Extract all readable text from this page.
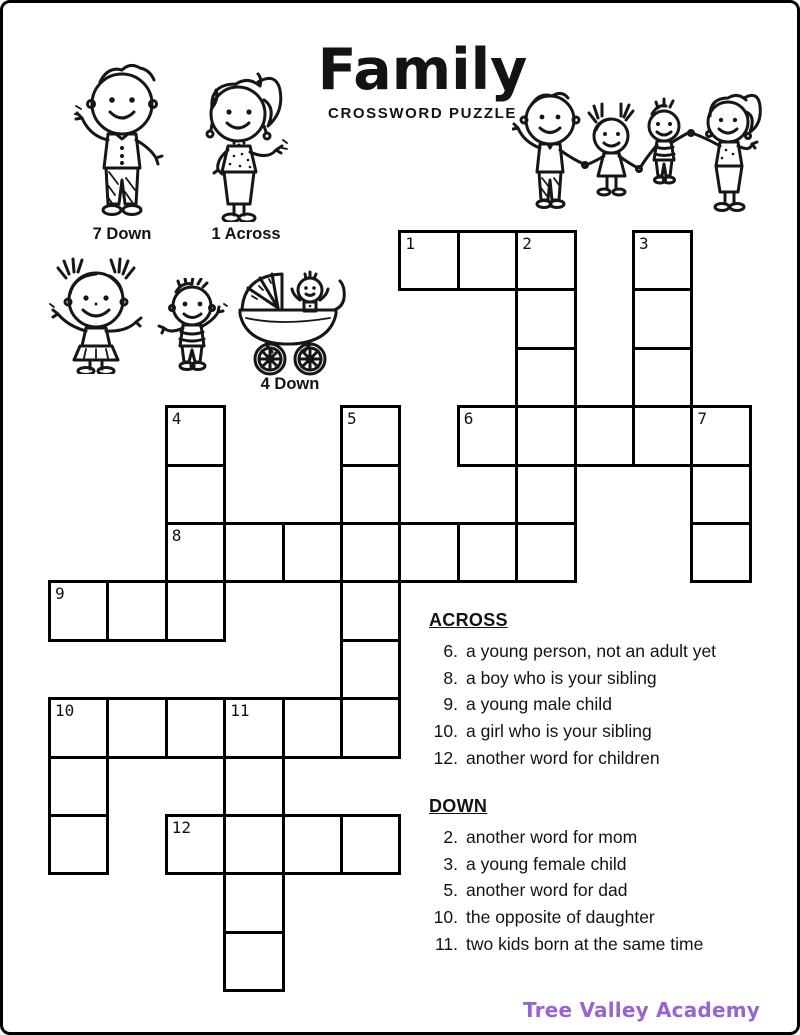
Family
CROSSWORD PUZZLE
7 Down	1 Across
4 Down
1	2	3
4	5	6	7
8
9
10	11
12
ACROSS
6. a young person, not an adult yet
8. a boy who is your sibling
9. a young male child
10. a girl who is your sibling
12. another word for children
DOWN
2. another word for mom
3. a young female child
5. another word for dad
10. the opposite of daughter
11. two kids born at the same time
Tree Valley Academy
